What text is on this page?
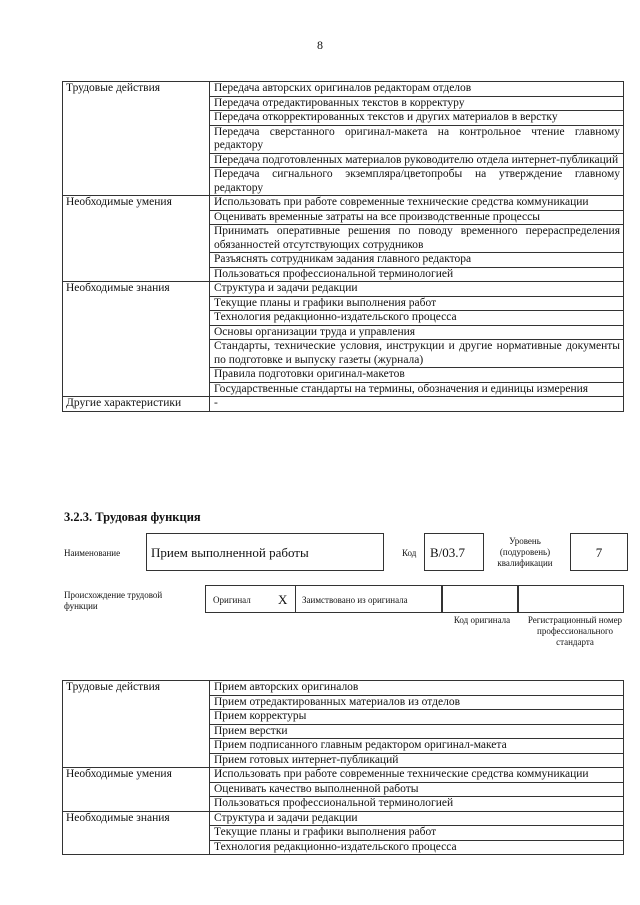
8
Трудовые действия	Передача авторских оригиналов редакторам отделов
	Передача отредактированных текстов в корректуру
	Передача откорректированных текстов и других материалов в верстку
	Передача сверстанного оригинал-макета на контрольное чтение главному редактору
	Передача подготовленных материалов руководителю отдела интернет-публикаций
	Передача сигнального экземпляра/цветопробы на утверждение главному редактору
Необходимые умения	Использовать при работе современные технические средства коммуникации
	Оценивать временные затраты на все производственные процессы
	Принимать оперативные решения по поводу временного перераспределения обязанностей отсутствующих сотрудников
	Разъяснять сотрудникам задания главного редактора
	Пользоваться профессиональной терминологией
Необходимые знания	Структура и задачи редакции
	Текущие планы и графики выполнения работ
	Технология редакционно-издательского процесса
	Основы организации труда и управления
	Стандарты, технические условия, инструкции и другие нормативные документы по подготовке и выпуску газеты (журнала)
	Правила подготовки оригинал-макетов
	Государственные стандарты на термины, обозначения и единицы измерения
Другие характеристики	-
3.2.3. Трудовая функция
Наименование Прием выполненной работы	Код B/03.7
Уровень (подуровень) квалификации
7
Происхождение трудовой функции
Оригинал X Заимствовано из оригинала
Код оригинала	Регистрационный номер профессионального стандарта
Трудовые действия	Прием авторских оригиналов
	Прием отредактированных материалов из отделов
	Прием корректуры
	Прием верстки
	Прием подписанного главным редактором оригинал-макета
	Прием готовых интернет-публикаций
Необходимые умения	Использовать при работе современные технические средства коммуникации
	Оценивать качество выполненной работы
	Пользоваться профессиональной терминологией
Необходимые знания	Структура и задачи редакции
	Текущие планы и графики выполнения работ
	Технология редакционно-издательского процесса
